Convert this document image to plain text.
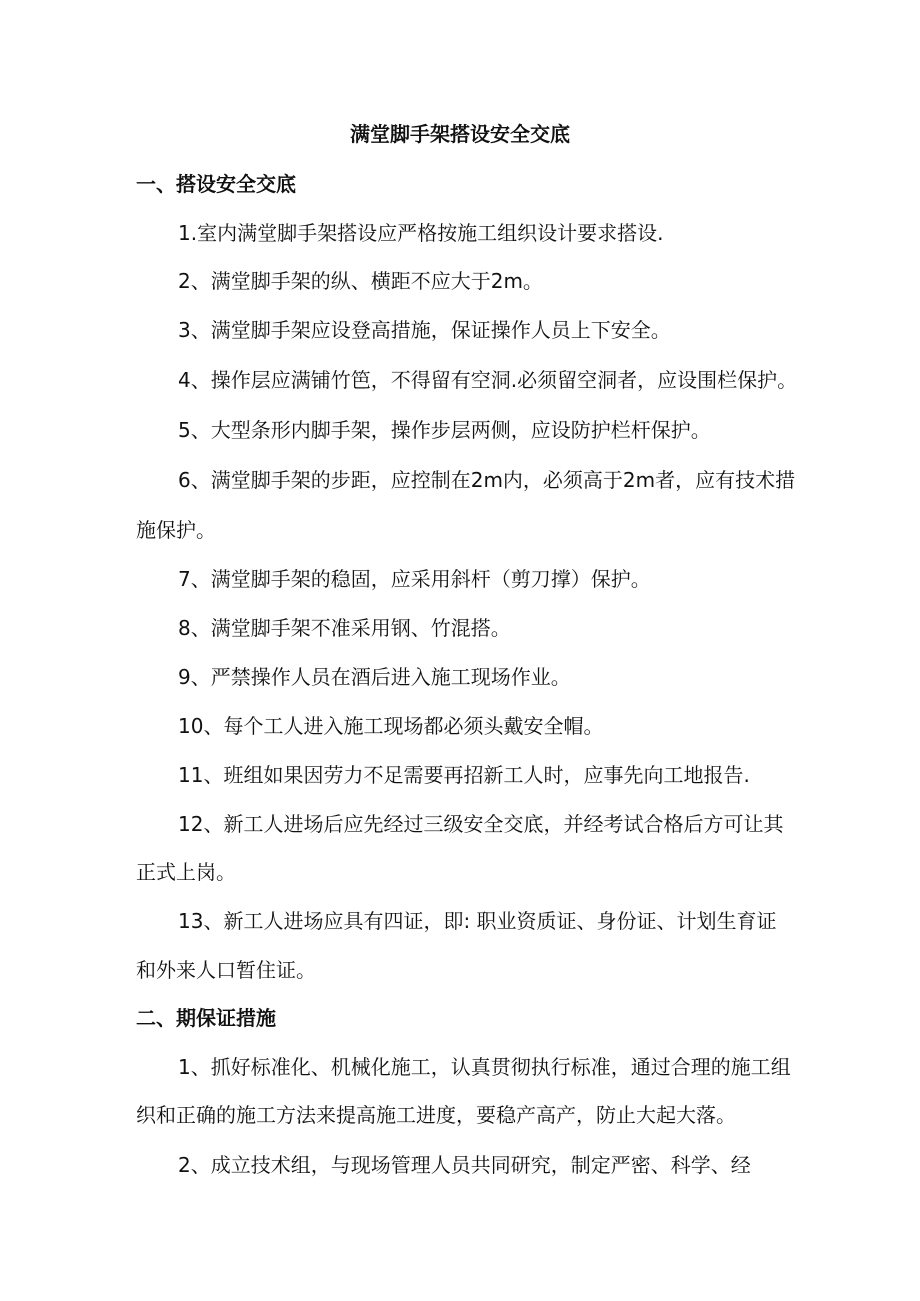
满堂脚手架搭设安全交底
一、搭设安全交底
1.室内满堂脚手架搭设应严格按施工组织设计要求搭设.
2、满堂脚手架的纵、横距不应大于2m。
3、满堂脚手架应设登高措施，保证操作人员上下安全。
4、操作层应满铺竹笆，不得留有空洞.必须留空洞者，应设围栏保护。
5、大型条形内脚手架，操作步层两侧，应设防护栏杆保护。
6、满堂脚手架的步距，应控制在2m内，必须高于2m者，应有技术措
施保护。
7、满堂脚手架的稳固，应采用斜杆（剪刀撑）保护。
8、满堂脚手架不准采用钢、竹混搭。
9、严禁操作人员在酒后进入施工现场作业。
10、每个工人进入施工现场都必须头戴安全帽。
11、班组如果因劳力不足需要再招新工人时，应事先向工地报告.
12、新工人进场后应先经过三级安全交底，并经考试合格后方可让其
正式上岗。
13、新工人进场应具有四证，即: 职业资质证、身份证、计划生育证
和外来人口暂住证。
二、期保证措施
1、抓好标准化、机械化施工，认真贯彻执行标准，通过合理的施工组
织和正确的施工方法来提高施工进度，要稳产高产，防止大起大落。
2、成立技术组，与现场管理人员共同研究，制定严密、科学、经
